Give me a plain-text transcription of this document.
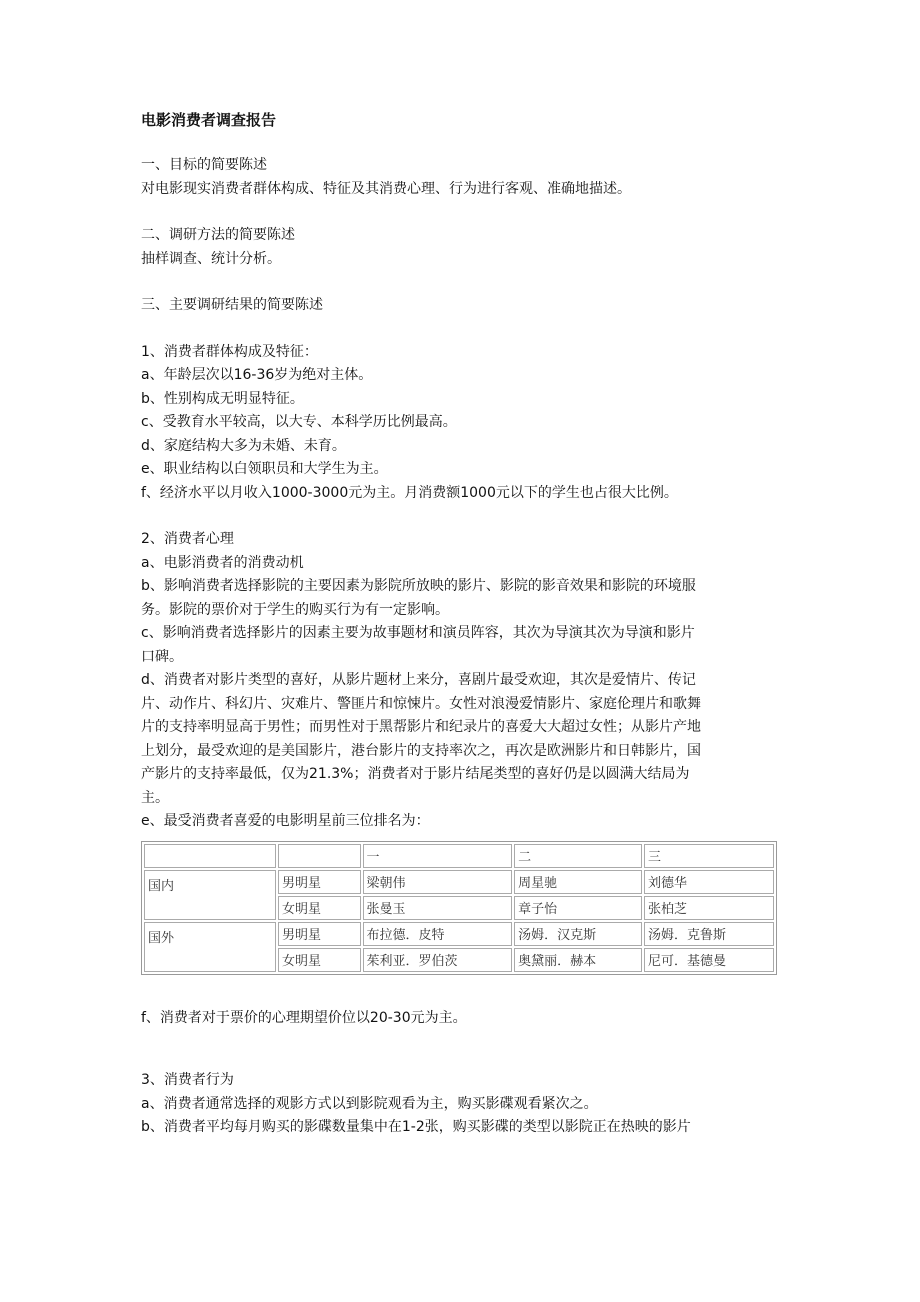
电影消费者调查报告

一、目标的简要陈述

对电影现实消费者群体构成、特征及其消费心理、行为进行客观、准确地描述。

二、调研方法的简要陈述

抽样调查、统计分析。

三、主要调研结果的简要陈述

1、消费者群体构成及特征：

a、年龄层次以16-36岁为绝对主体。

b、性别构成无明显特征。

c、受教育水平较高，以大专、本科学历比例最高。

d、家庭结构大多为未婚、未育。

e、职业结构以白领职员和大学生为主。

f、经济水平以月收入1000-3000元为主。月消费额1000元以下的学生也占很大比例。

2、消费者心理

a、电影消费者的消费动机

b、影响消费者选择影院的主要因素为影院所放映的影片、影院的影音效果和影院的环境服

务。影院的票价对于学生的购买行为有一定影响。

c、影响消费者选择影片的因素主要为故事题材和演员阵容，其次为导演其次为导演和影片

口碑。

d、消费者对影片类型的喜好，从影片题材上来分，喜剧片最受欢迎，其次是爱情片、传记

片、动作片、科幻片、灾难片、警匪片和惊悚片。女性对浪漫爱情影片、家庭伦理片和歌舞

片的支持率明显高于男性；而男性对于黑帮影片和纪录片的喜爱大大超过女性；从影片产地

上划分，最受欢迎的是美国影片，港台影片的支持率次之，再次是欧洲影片和日韩影片，国

产影片的支持率最低，仅为21.3%；消费者对于影片结尾类型的喜好仍是以圆满大结局为

主。

e、最受消费者喜爱的电影明星前三位排名为：

		一	二	三
国内	男明星	梁朝伟	周星驰	刘德华
	女明星	张曼玉	章子怡	张柏芝
国外	男明星	布拉德．皮特	汤姆．汉克斯	汤姆．克鲁斯
	女明星	茱利亚．罗伯茨	奥黛丽．赫本	尼可．基德曼

f、消费者对于票价的心理期望价位以20-30元为主。

3、消费者行为

a、消费者通常选择的观影方式以到影院观看为主，购买影碟观看紧次之。

b、消费者平均每月购买的影碟数量集中在1-2张，购买影碟的类型以影院正在热映的影片
